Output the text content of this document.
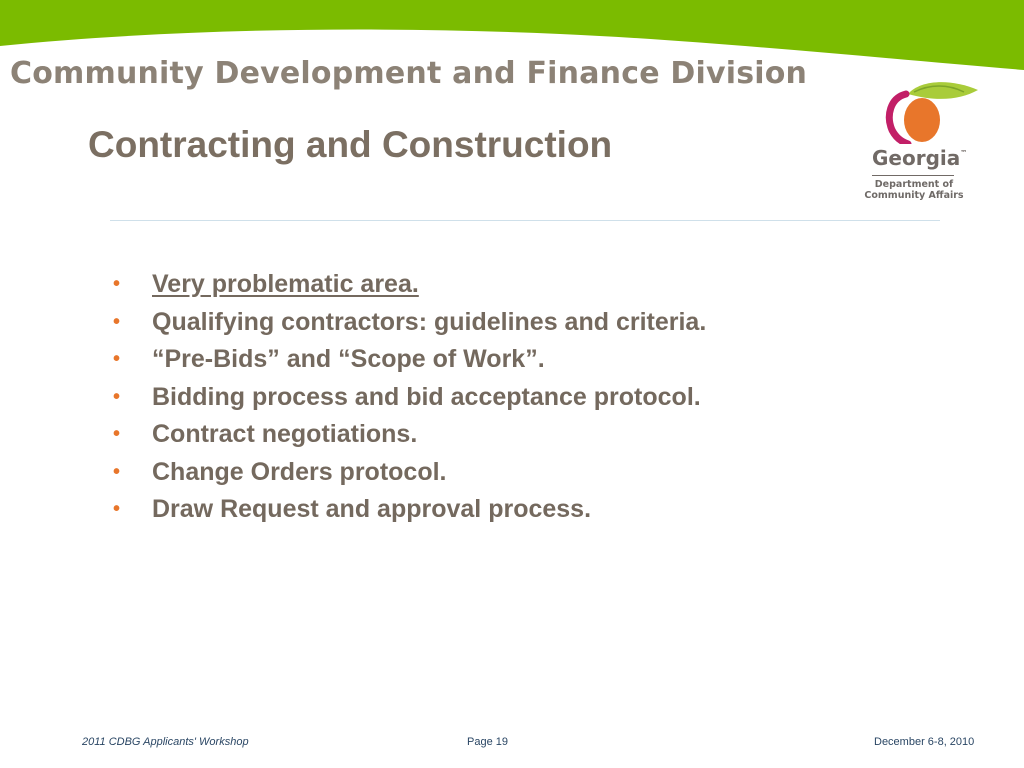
Community Development and Finance Division
Contracting and Construction	Georgia™
Department of
Community Affairs
• Very problematic area.
• Qualifying contractors: guidelines and criteria.
• “Pre-Bids” and “Scope of Work”.
• Bidding process and bid acceptance protocol.
• Contract negotiations.
• Change Orders protocol.
• Draw Request and approval process.
2011 CDBG Applicants' Workshop	Page 19	December 6-8, 2010
